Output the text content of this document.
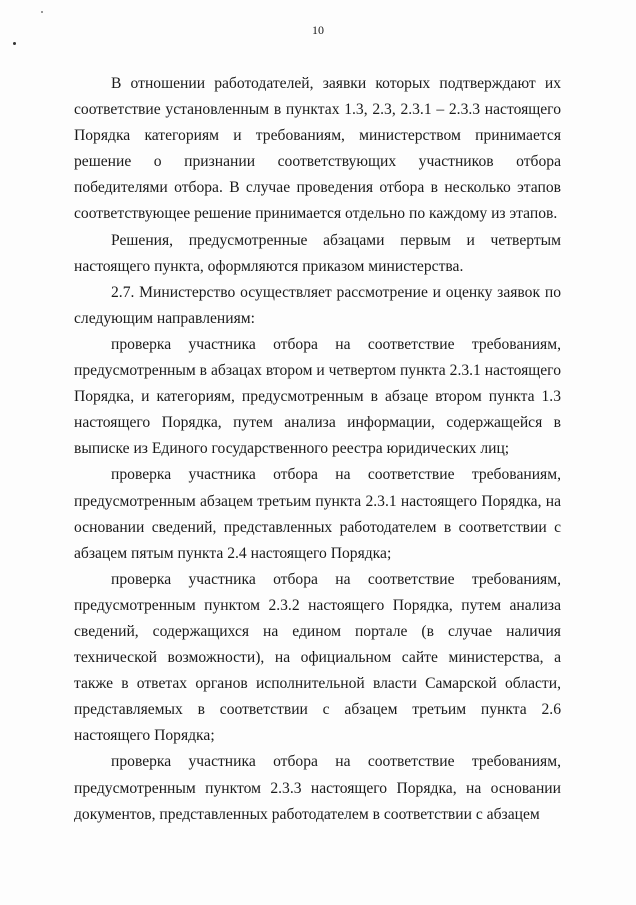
10

В отношении работодателей, заявки которых подтверждают их соответствие установленным в пунктах 1.3, 2.3, 2.3.1 – 2.3.3 настоящего Порядка категориям и требованиям, министерством принимается решение о признании соответствующих участников отбора победителями отбора. В случае проведения отбора в несколько этапов соответствующее решение принимается отдельно по каждому из этапов.

Решения, предусмотренные абзацами первым и четвертым настоящего пункта, оформляются приказом министерства.

2.7. Министерство осуществляет рассмотрение и оценку заявок по следующим направлениям:

проверка участника отбора на соответствие требованиям, предусмотренным в абзацах втором и четвертом пункта 2.3.1 настоящего Порядка, и категориям, предусмотренным в абзаце втором пункта 1.3 настоящего Порядка, путем анализа информации, содержащейся в выписке из Единого государственного реестра юридических лиц;

проверка участника отбора на соответствие требованиям, предусмотренным абзацем третьим пункта 2.3.1 настоящего Порядка, на основании сведений, представленных работодателем в соответствии с абзацем пятым пункта 2.4 настоящего Порядка;

проверка участника отбора на соответствие требованиям, предусмотренным пунктом 2.3.2 настоящего Порядка, путем анализа сведений, содержащихся на едином портале (в случае наличия технической возможности), на официальном сайте министерства, а также в ответах органов исполнительной власти Самарской области, представляемых в соответствии с абзацем третьим пункта 2.6 настоящего Порядка;

проверка участника отбора на соответствие требованиям, предусмотренным пунктом 2.3.3 настоящего Порядка, на основании документов, представленных работодателем в соответствии с абзацем
